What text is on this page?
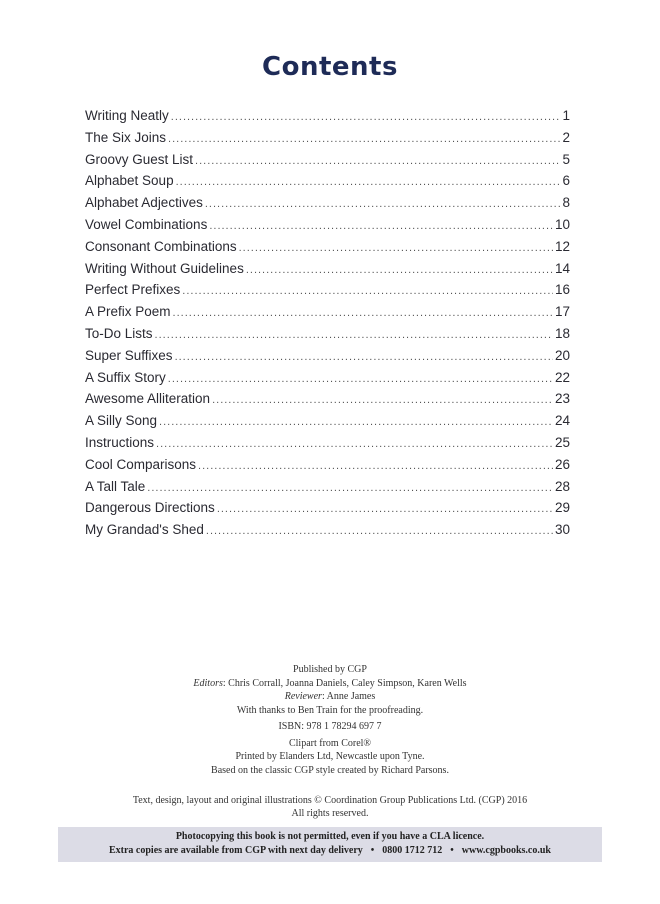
Contents
Writing Neatly .....	1
The Six Joins .....	2
Groovy Guest List .....	5
Alphabet Soup .....	6
Alphabet Adjectives .....	8
Vowel Combinations .....	10
Consonant Combinations .....	12
Writing Without Guidelines .....	14
Perfect Prefixes .....	16
A Prefix Poem .....	17
To-Do Lists .....	18
Super Suffixes .....	20
A Suffix Story .....	22
Awesome Alliteration .....	23
A Silly Song .....	24
Instructions .....	25
Cool Comparisons .....	26
A Tall Tale .....	28
Dangerous Directions .....	29
My Grandad's Shed .....	30

Published by CGP

Editors: Chris Corrall, Joanna Daniels, Caley Simpson, Karen Wells

Reviewer: Anne James

With thanks to Ben Train for the proofreading.

ISBN: 978 1 78294 697 7

Clipart from Corel®

Printed by Elanders Ltd, Newcastle upon Tyne.

Based on the classic CGP style created by Richard Parsons.

Text, design, layout and original illustrations © Coordination Group Publications Ltd. (CGP) 2016

All rights reserved.

Photocopying this book is not permitted, even if you have a CLA licence.

Extra copies are available from CGP with next day delivery • 0800 1712 712 • www.cgpbooks.co.uk
